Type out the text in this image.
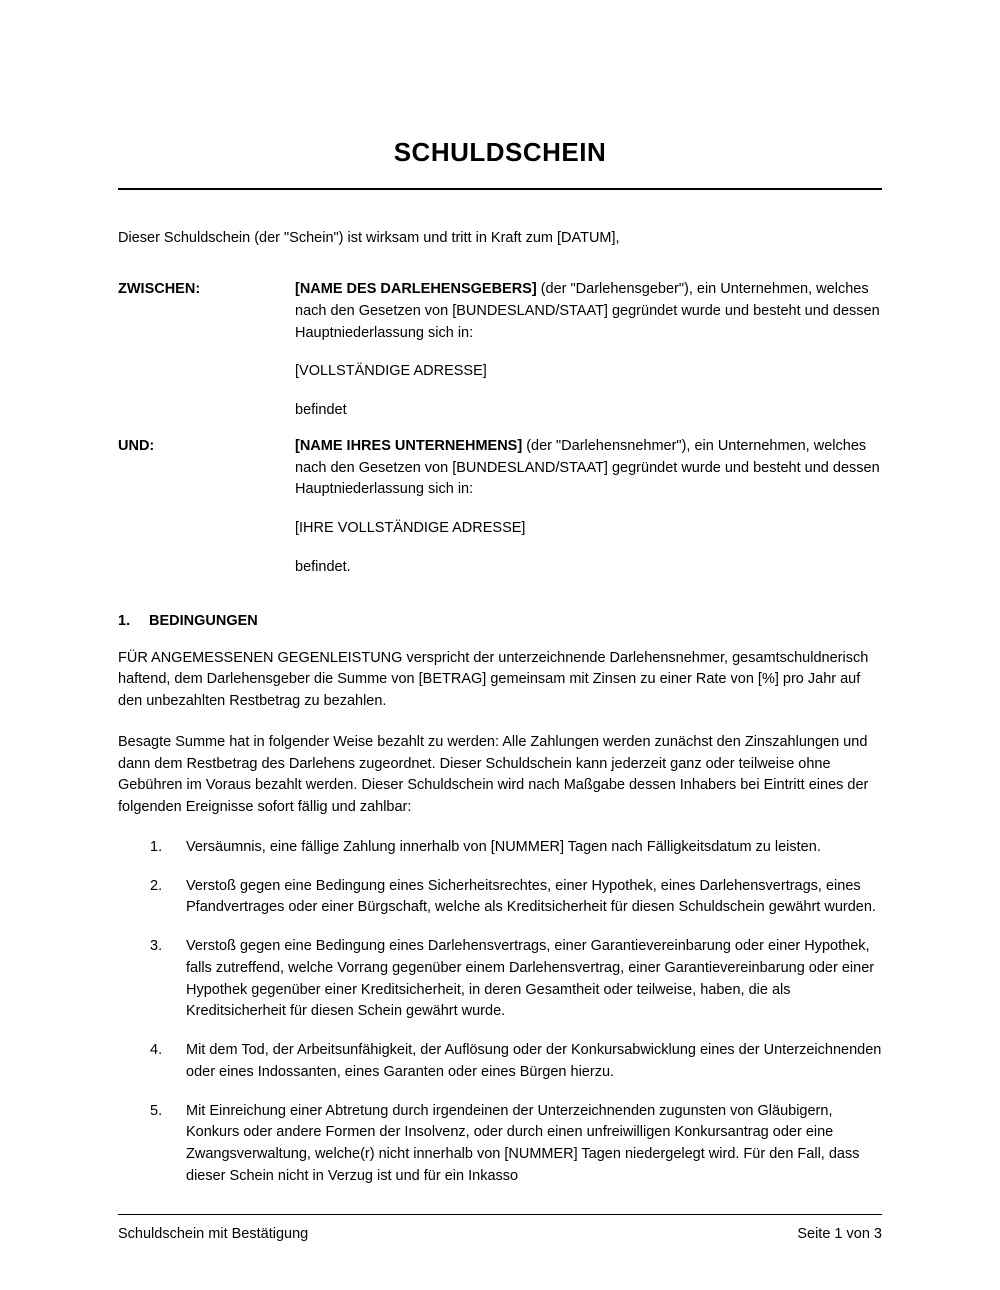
SCHULDSCHEIN

Dieser Schuldschein (der "Schein") ist wirksam und tritt in Kraft zum [DATUM],

ZWISCHEN:	[NAME DES DARLEHENSGEBERS] (der "Darlehensgeber"), ein Unternehmen, welches nach den Gesetzen von [BUNDESLAND/STAAT] gegründet wurde und besteht und dessen Hauptniederlassung sich in:

[VOLLSTÄNDIGE ADRESSE]

befindet

UND:	[NAME IHRES UNTERNEHMENS] (der "Darlehensnehmer"), ein Unternehmen, welches nach den Gesetzen von [BUNDESLAND/STAAT] gegründet wurde und besteht und dessen Hauptniederlassung sich in:

[IHRE VOLLSTÄNDIGE ADRESSE]

befindet.

1.	BEDINGUNGEN

FÜR ANGEMESSENEN GEGENLEISTUNG verspricht der unterzeichnende Darlehensnehmer, gesamtschuldnerisch haftend, dem Darlehensgeber die Summe von [BETRAG] gemeinsam mit Zinsen zu einer Rate von [%] pro Jahr auf den unbezahlten Restbetrag zu bezahlen.

Besagte Summe hat in folgender Weise bezahlt zu werden: Alle Zahlungen werden zunächst den Zinszahlungen und dann dem Restbetrag des Darlehens zugeordnet. Dieser Schuldschein kann jederzeit ganz oder teilweise ohne Gebühren im Voraus bezahlt werden. Dieser Schuldschein wird nach Maßgabe dessen Inhabers bei Eintritt eines der folgenden Ereignisse sofort fällig und zahlbar:

Versäumnis, eine fällige Zahlung innerhalb von [NUMMER] Tagen nach Fälligkeitsdatum zu leisten.
Verstoß gegen eine Bedingung eines Sicherheitsrechtes, einer Hypothek, eines Darlehensvertrags, eines Pfandvertrages oder einer Bürgschaft, welche als Kreditsicherheit für diesen Schuldschein gewährt wurden.
Verstoß gegen eine Bedingung eines Darlehensvertrags, einer Garantievereinbarung oder einer Hypothek, falls zutreffend, welche Vorrang gegenüber einem Darlehensvertrag, einer Garantievereinbarung oder einer Hypothek gegenüber einer Kreditsicherheit, in deren Gesamtheit oder teilweise, haben, die als Kreditsicherheit für diesen Schein gewährt wurde.
Mit dem Tod, der Arbeitsunfähigkeit, der Auflösung oder der Konkursabwicklung eines der Unterzeichnenden oder eines Indossanten, eines Garanten oder eines Bürgen hierzu.
Mit Einreichung einer Abtretung durch irgendeinen der Unterzeichnenden zugunsten von Gläubigern, Konkurs oder andere Formen der Insolvenz, oder durch einen unfreiwilligen Konkursantrag oder eine Zwangsverwaltung, welche(r) nicht innerhalb von [NUMMER] Tagen niedergelegt wird. Für den Fall, dass dieser Schein nicht in Verzug ist und für ein Inkasso
Schuldschein mit Bestätigung	Seite 1 von 3
